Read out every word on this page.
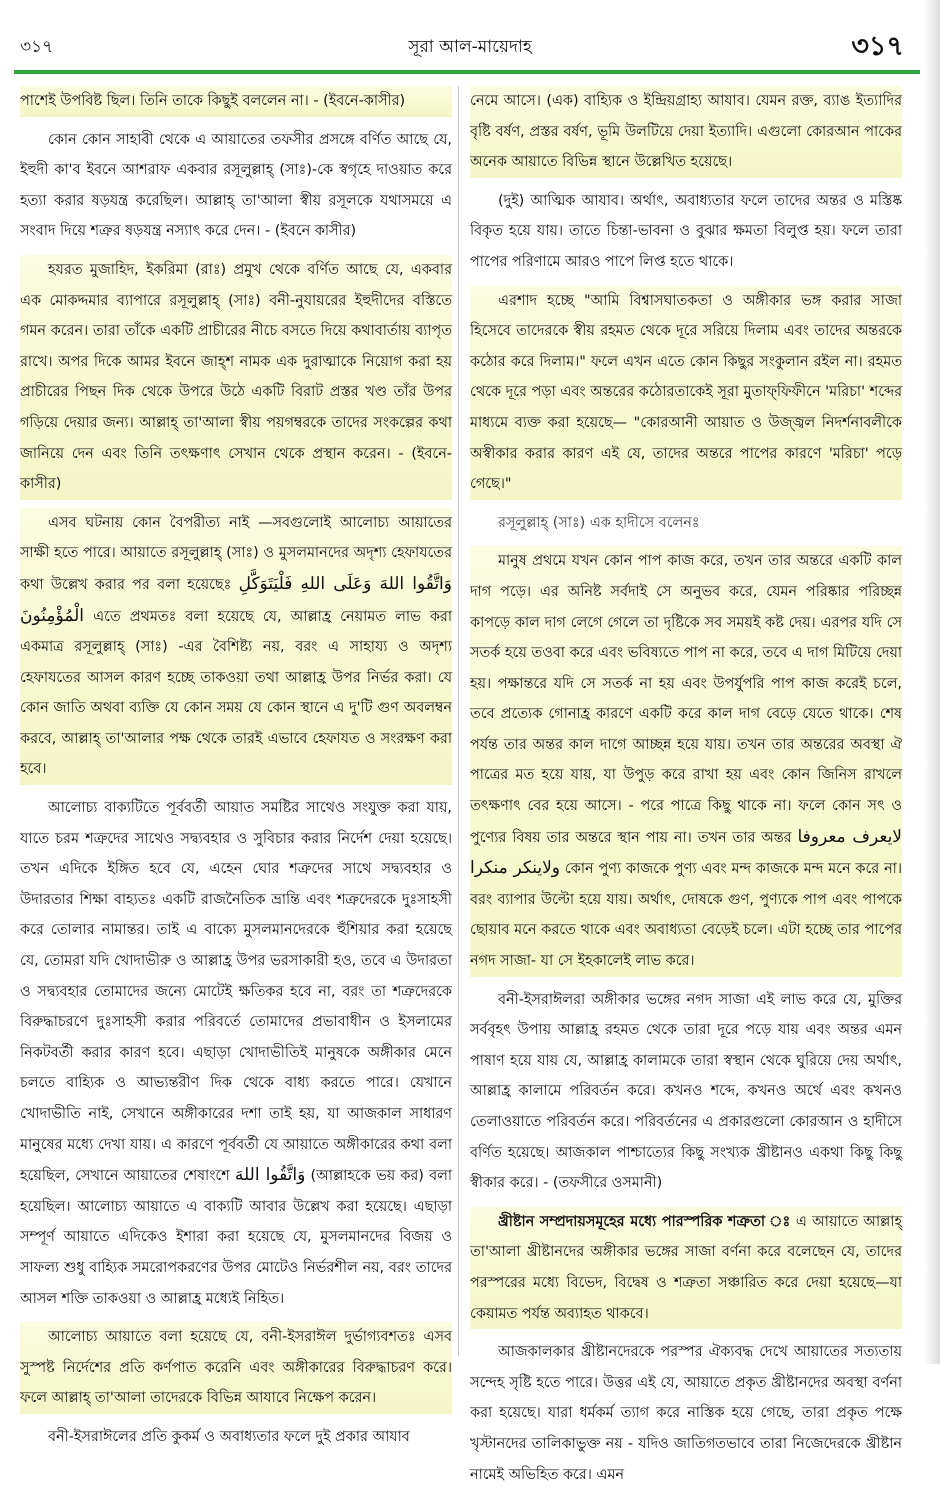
৩১৭	সূরা আল-মায়েদাহ	৩১৭

পাশেই উপবিষ্ট ছিল। তিনি তাকে কিছুই বললেন না। - (ইবনে-কাসীর)

কোন কোন সাহাবী থেকে এ আয়াতের তফসীর প্রসঙ্গে বর্ণিত আছে যে, ইহুদী কা'ব ইবনে আশরাফ একবার রসূলুল্লাহ্ (সাঃ)-কে স্বগৃহে দাওয়াত করে হত্যা করার ষড়যন্ত্র করেছিল। আল্লাহ্ তা'আলা স্বীয় রসূলকে যথাসময়ে এ সংবাদ দিয়ে শত্রুর ষড়যন্ত্র নস্যাৎ করে দেন। - (ইবনে কাসীর)

হযরত মুজাহিদ, ইকরিমা (রাঃ) প্রমুখ থেকে বর্ণিত আছে যে, একবার এক মোকদ্দমার ব্যাপারে রসূলুল্লাহ্ (সাঃ) বনী-নুযায়রের ইহুদীদের বস্তিতে গমন করেন। তারা তাঁকে একটি প্রাচীরের নীচে বসতে দিয়ে কথাবার্তায় ব্যাপৃত রাখে। অপর দিকে আমর ইবনে জাহ্শ নামক এক দুরাত্মাকে নিয়োগ করা হয় প্রাচীরের পিছন দিক থেকে উপরে উঠে একটি বিরাট প্রস্তর খণ্ড তাঁর উপর গড়িয়ে দেয়ার জন্য। আল্লাহ্ তা'আলা স্বীয় পয়গম্বরকে তাদের সংকল্পের কথা জানিয়ে দেন এবং তিনি তৎক্ষণাৎ সেখান থেকে প্রস্থান করেন। - (ইবনে-কাসীর)

এসব ঘটনায় কোন বৈপরীত্য নাই —সবগুলোই আলোচ্য আয়াতের সাক্ষী হতে পারে। আয়াতে রসূলুল্লাহ্ (সাঃ) ও মুসলমানদের অদৃশ্য হেফাযতের কথা উল্লেখ করার পর বলা হয়েছেঃ وَاتَّقُوا اللهَ وَعَلَى اللهِ فَلْيَتَوَكَّلِ الْمُؤْمِنُونَ এতে প্রথমতঃ বলা হয়েছে যে, আল্লাহ্র নেয়ামত লাভ করা একমাত্র রসূলুল্লাহ্ (সাঃ) -এর বৈশিষ্ট্য নয়, বরং এ সাহায্য ও অদৃশ্য হেফাযতের আসল কারণ হচ্ছে তাকওয়া তথা আল্লাহ্র উপর নির্ভর করা। যে কোন জাতি অথবা ব্যক্তি যে কোন সময় যে কোন স্থানে এ দু'টি গুণ অবলম্বন করবে, আল্লাহ্ তা'আলার পক্ষ থেকে তারই এভাবে হেফাযত ও সংরক্ষণ করা হবে।

আলোচ্য বাক্যটিতে পূর্ববর্তী আয়াত সমষ্টির সাথেও সংযুক্ত করা যায়, যাতে চরম শত্রুদের সাথেও সদ্ব্যবহার ও সুবিচার করার নির্দেশ দেয়া হয়েছে। তখন এদিকে ইঙ্গিত হবে যে, এহেন ঘোর শত্রুদের সাথে সদ্ব্যবহার ও উদারতার শিক্ষা বাহ্যতঃ একটি রাজনৈতিক ভ্রান্তি এবং শত্রুদেরকে দুঃসাহসী করে তোলার নামান্তর। তাই এ বাক্যে মুসলমানদেরকে হুঁশিয়ার করা হয়েছে যে, তোমরা যদি খোদাভীরু ও আল্লাহ্র উপর ভরসাকারী হও, তবে এ উদারতা ও সদ্ব্যবহার তোমাদের জন্যে মোটেই ক্ষতিকর হবে না, বরং তা শত্রুদেরকে বিরুদ্ধাচরণে দুঃসাহসী করার পরিবর্তে তোমাদের প্রভাবাধীন ও ইসলামের নিকটবর্তী করার কারণ হবে। এছাড়া খোদাভীতিই মানুষকে অঙ্গীকার মেনে চলতে বাহ্যিক ও আভ্যন্তরীণ দিক থেকে বাধ্য করতে পারে। যেখানে খোদাভীতি নাই, সেখানে অঙ্গীকারের দশা তাই হয়, যা আজকাল সাধারণ মানুষের মধ্যে দেখা যায়। এ কারণে পূর্ববর্তী যে আয়াতে অঙ্গীকারের কথা বলা হয়েছিল, সেখানে আয়াতের শেষাংশে وَاتَّقُوا اللهَ (আল্লাহকে ভয় কর) বলা হয়েছিল। আলোচ্য আয়াতে এ বাক্যটি আবার উল্লেখ করা হয়েছে। এছাড়া সম্পূর্ণ আয়াতে এদিকেও ইশারা করা হয়েছে যে, মুসলমানদের বিজয় ও সাফল্য শুধু বাহ্যিক সমরোপকরণের উপর মোটেও নির্ভরশীল নয়, বরং তাদের আসল শক্তি তাকওয়া ও আল্লাহ্র মধ্যেই নিহিত।

আলোচ্য আয়াতে বলা হয়েছে যে, বনী-ইসরাঈল দুর্ভাগ্যবশতঃ এসব সুস্পষ্ট নির্দেশের প্রতি কর্ণপাত করেনি এবং অঙ্গীকারের বিরুদ্ধাচরণ করে। ফলে আল্লাহ্ তা'আলা তাদেরকে বিভিন্ন আযাবে নিক্ষেপ করেন।

বনী-ইসরাঈলের প্রতি কুকর্ম ও অবাধ্যতার ফলে দুই প্রকার আযাব

নেমে আসে। (এক) বাহ্যিক ও ইন্দ্রিয়গ্রাহ্য আযাব। যেমন রক্ত, ব্যাঙ ইত্যাদির বৃষ্টি বর্ষণ, প্রস্তর বর্ষণ, ভূমি উলটিয়ে দেয়া ইত্যাদি। এগুলো কোরআন পাকের অনেক আয়াতে বিভিন্ন স্থানে উল্লেখিত হয়েছে।

(দুই) আত্মিক আযাব। অর্থাৎ, অবাধ্যতার ফলে তাদের অন্তর ও মস্তিষ্ক বিকৃত হয়ে যায়। তাতে চিন্তা-ভাবনা ও বুঝার ক্ষমতা বিলুপ্ত হয়। ফলে তারা পাপের পরিণামে আরও পাপে লিপ্ত হতে থাকে।

এরশাদ হচ্ছে "আমি বিশ্বাসঘাতকতা ও অঙ্গীকার ভঙ্গ করার সাজা হিসেবে তাদেরকে স্বীয় রহমত থেকে দূরে সরিয়ে দিলাম এবং তাদের অন্তরকে কঠোর করে দিলাম।" ফলে এখন এতে কোন কিছুর সংকুলান রইল না। রহমত থেকে দূরে পড়া এবং অন্তরের কঠোরতাকেই সূরা মুতাফ্‌ফিফীনে 'মরিচা' শব্দের মাধ্যমে ব্যক্ত করা হয়েছে— "কোরআনী আয়াত ও উজ্জ্বল নিদর্শনাবলীকে অস্বীকার করার কারণ এই যে, তাদের অন্তরে পাপের কারণে 'মরিচা' পড়ে গেছে।"

রসূলুল্লাহ্ (সাঃ) এক হাদীসে বলেনঃ

মানুষ প্রথমে যখন কোন পাপ কাজ করে, তখন তার অন্তরে একটি কাল দাগ পড়ে। এর অনিষ্ট সর্বদাই সে অনুভব করে, যেমন পরিষ্কার পরিচ্ছন্ন কাপড়ে কাল দাগ লেগে গেলে তা দৃষ্টিকে সব সময়ই কষ্ট দেয়। এরপর যদি সে সতর্ক হয়ে তওবা করে এবং ভবিষ্যতে পাপ না করে, তবে এ দাগ মিটিয়ে দেয়া হয়। পক্ষান্তরে যদি সে সতর্ক না হয় এবং উপর্যুপরি পাপ কাজ করেই চলে, তবে প্রত্যেক গোনাহ্র কারণে একটি করে কাল দাগ বেড়ে যেতে থাকে। শেষ পর্যন্ত তার অন্তর কাল দাগে আচ্ছন্ন হয়ে যায়। তখন তার অন্তরের অবস্থা ঐ পাত্রের মত হয়ে যায়, যা উপুড় করে রাখা হয় এবং কোন জিনিস রাখলে তৎক্ষণাৎ বের হয়ে আসে। - পরে পাত্রে কিছু থাকে না। ফলে কোন সৎ ও পুণ্যের বিষয় তার অন্তরে স্থান পায় না। তখন তার অন্তর لايعرف معروفا ولاينكر منكرا কোন পুণ্য কাজকে পুণ্য এবং মন্দ কাজকে মন্দ মনে করে না। বরং ব্যাপার উল্টো হয়ে যায়। অর্থাৎ, দোষকে গুণ, পুণ্যকে পাপ এবং পাপকে ছোয়াব মনে করতে থাকে এবং অবাধ্যতা বেড়েই চলে। এটা হচ্ছে তার পাপের নগদ সাজা- যা সে ইহকালেই লাভ করে।

বনী-ইসরাঈলরা অঙ্গীকার ভঙ্গের নগদ সাজা এই লাভ করে যে, মুক্তির সর্ববৃহৎ উপায় আল্লাহ্র রহমত থেকে তারা দূরে পড়ে যায় এবং অন্তর এমন পাষাণ হয়ে যায় যে, আল্লাহ্র কালামকে তারা স্বস্থান থেকে ঘুরিয়ে দেয় অর্থাৎ, আল্লাহ্র কালামে পরিবর্তন করে। কখনও শব্দে, কখনও অর্থে এবং কখনও তেলাওয়াতে পরিবর্তন করে। পরিবর্তনের এ প্রকারগুলো কোরআন ও হাদীসে বর্ণিত হয়েছে। আজকাল পাশ্চাত্যের কিছু সংখ্যক খ্রীষ্টানও একথা কিছু কিছু স্বীকার করে। - (তফসীরে ওসমানী)

খ্রীষ্টান সম্প্রদায়সমূহের মধ্যে পারস্পরিক শত্রুতা ঃ এ আয়াতে আল্লাহ্ তা'আলা খ্রীষ্টানদের অঙ্গীকার ভঙ্গের সাজা বর্ণনা করে বলেছেন যে, তাদের পরস্পরের মধ্যে বিভেদ, বিদ্বেষ ও শত্রুতা সঞ্চারিত করে দেয়া হয়েছে—যা কেয়ামত পর্যন্ত অব্যাহত থাকবে।

আজকালকার খ্রীষ্টানদেরকে পরস্পর ঐক্যবদ্ধ দেখে আয়াতের সত্যতায় সন্দেহ সৃষ্টি হতে পারে। উত্তর এই যে, আয়াতে প্রকৃত খ্রীষ্টানদের অবস্থা বর্ণনা করা হয়েছে। যারা ধর্মকর্ম ত্যাগ করে নাস্তিক হয়ে গেছে, তারা প্রকৃত পক্ষে খৃস্টানদের তালিকাভুক্ত নয় - যদিও জাতিগতভাবে তারা নিজেদেরকে খ্রীষ্টান নামেই অভিহিত করে। এমন
